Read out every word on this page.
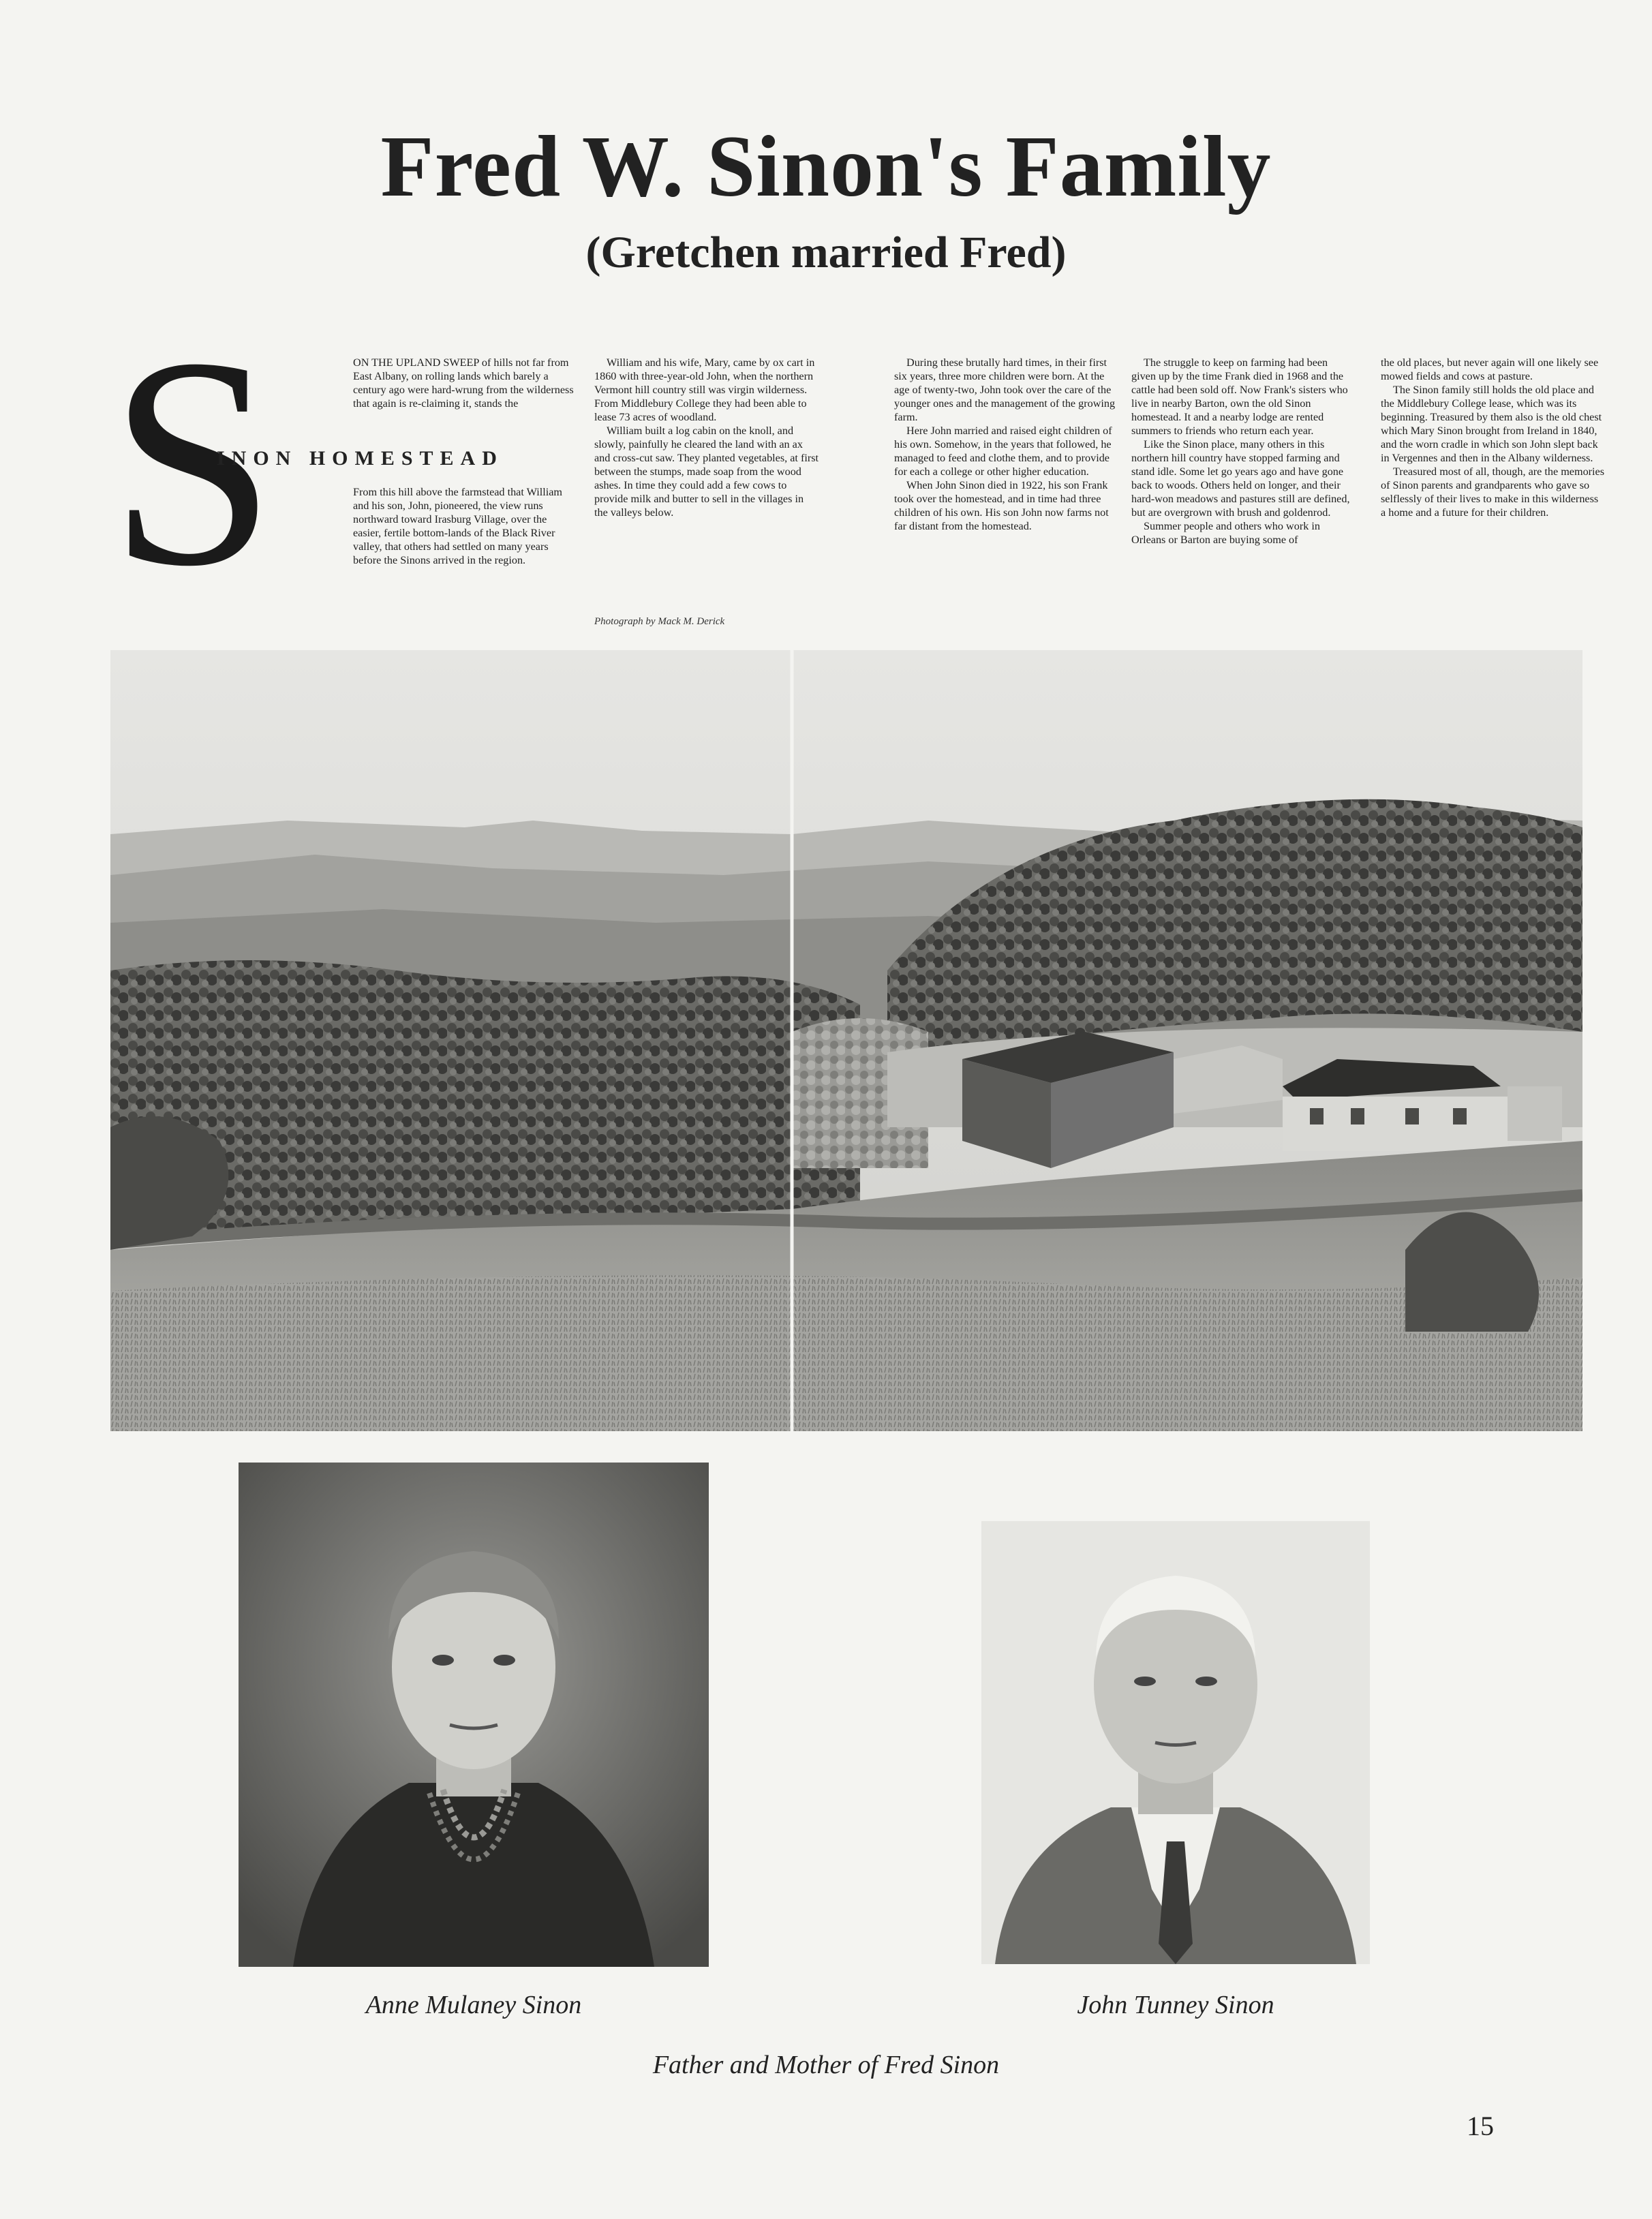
Fred W. Sinon's Family
(Gretchen married Fred)
S
INON HOMESTEAD

ON THE UPLAND SWEEP of hills not far from East Albany, on rolling lands which barely a century ago were hard-wrung from the wilderness that again is re-claiming it, stands the

From this hill above the farmstead that William and his son, John, pioneered, the view runs northward toward Irasburg Village, over the easier, fertile bottom-lands of the Black River valley, that others had settled on many years before the Sinons arrived in the region.

William and his wife, Mary, came by ox cart in 1860 with three-year-old John, when the northern Vermont hill country still was virgin wilderness. From Middlebury College they had been able to lease 73 acres of woodland.

William built a log cabin on the knoll, and slowly, painfully he cleared the land with an ax and cross-cut saw. They planted vegetables, at first between the stumps, made soap from the wood ashes. In time they could add a few cows to provide milk and butter to sell in the villages in the valleys below.

Photograph by Mack M. Derick

During these brutally hard times, in their first six years, three more children were born. At the age of twenty-two, John took over the care of the younger ones and the management of the growing farm.

Here John married and raised eight children of his own. Somehow, in the years that followed, he managed to feed and clothe them, and to provide for each a college or other higher education.

When John Sinon died in 1922, his son Frank took over the homestead, and in time had three children of his own. His son John now farms not far distant from the homestead.

The struggle to keep on farming had been given up by the time Frank died in 1968 and the cattle had been sold off. Now Frank's sisters who live in nearby Barton, own the old Sinon homestead. It and a nearby lodge are rented summers to friends who return each year.

Like the Sinon place, many others in this northern hill country have stopped farming and stand idle. Some let go years ago and have gone back to woods. Others held on longer, and their hard-won meadows and pastures still are defined, but are overgrown with brush and goldenrod.

Summer people and others who work in Orleans or Barton are buying some of

the old places, but never again will one likely see mowed fields and cows at pasture.

The Sinon family still holds the old place and the Middlebury College lease, which was its beginning. Treasured by them also is the old chest which Mary Sinon brought from Ireland in 1840, and the worn cradle in which son John slept back in Vergennes and then in the Albany wilderness.

Treasured most of all, though, are the memories of Sinon parents and grandparents who gave so selflessly of their lives to make in this wilderness a home and a future for their children.

Anne Mulaney Sinon	John Tunney Sinon
Father and Mother of Fred Sinon
15
